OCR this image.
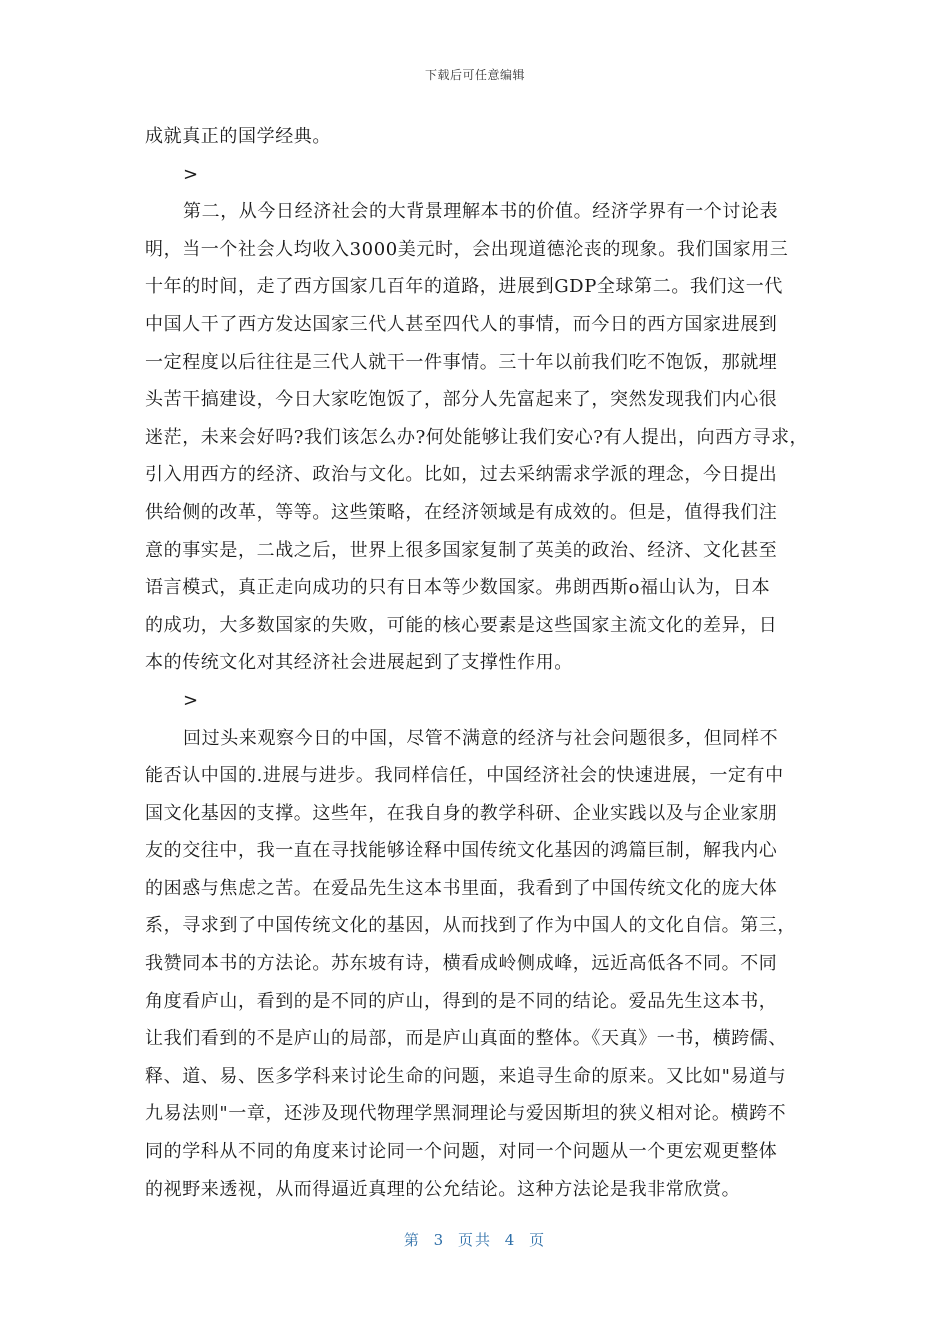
下载后可任意编辑
成就真正的国学经典。
>
第二，从今日经济社会的大背景理解本书的价值。经济学界有一个讨论表
明，当一个社会人均收入3000美元时，会出现道德沦丧的现象。我们国家用三
十年的时间，走了西方国家几百年的道路，进展到GDP全球第二。我们这一代
中国人干了西方发达国家三代人甚至四代人的事情，而今日的西方国家进展到
一定程度以后往往是三代人就干一件事情。三十年以前我们吃不饱饭，那就埋
头苦干搞建设，今日大家吃饱饭了，部分人先富起来了，突然发现我们内心很
迷茫，未来会好吗?我们该怎么办?何处能够让我们安心?有人提出，向西方寻求，
引入用西方的经济、政治与文化。比如，过去采纳需求学派的理念，今日提出
供给侧的改革，等等。这些策略，在经济领域是有成效的。但是，值得我们注
意的事实是，二战之后，世界上很多国家复制了英美的政治、经济、文化甚至
语言模式，真正走向成功的只有日本等少数国家。弗朗西斯o福山认为，日本
的成功，大多数国家的失败，可能的核心要素是这些国家主流文化的差异，日
本的传统文化对其经济社会进展起到了支撑性作用。
>
回过头来观察今日的中国，尽管不满意的经济与社会问题很多，但同样不
能否认中国的.进展与进步。我同样信任，中国经济社会的快速进展，一定有中
国文化基因的支撑。这些年，在我自身的教学科研、企业实践以及与企业家朋
友的交往中，我一直在寻找能够诠释中国传统文化基因的鸿篇巨制，解我内心
的困惑与焦虑之苦。在爱品先生这本书里面，我看到了中国传统文化的庞大体
系，寻求到了中国传统文化的基因，从而找到了作为中国人的文化自信。第三，
我赞同本书的方法论。苏东坡有诗，横看成岭侧成峰，远近高低各不同。不同
角度看庐山，看到的是不同的庐山，得到的是不同的结论。爱品先生这本书，
让我们看到的不是庐山的局部，而是庐山真面的整体。《天真》一书，横跨儒、
释、道、易、医多学科来讨论生命的问题，来追寻生命的原来。又比如"易道与
九易法则"一章，还涉及现代物理学黑洞理论与爱因斯坦的狭义相对论。横跨不
同的学科从不同的角度来讨论同一个问题，对同一个问题从一个更宏观更整体
的视野来透视，从而得逼近真理的公允结论。这种方法论是我非常欣赏。
第 3 页共 4 页
